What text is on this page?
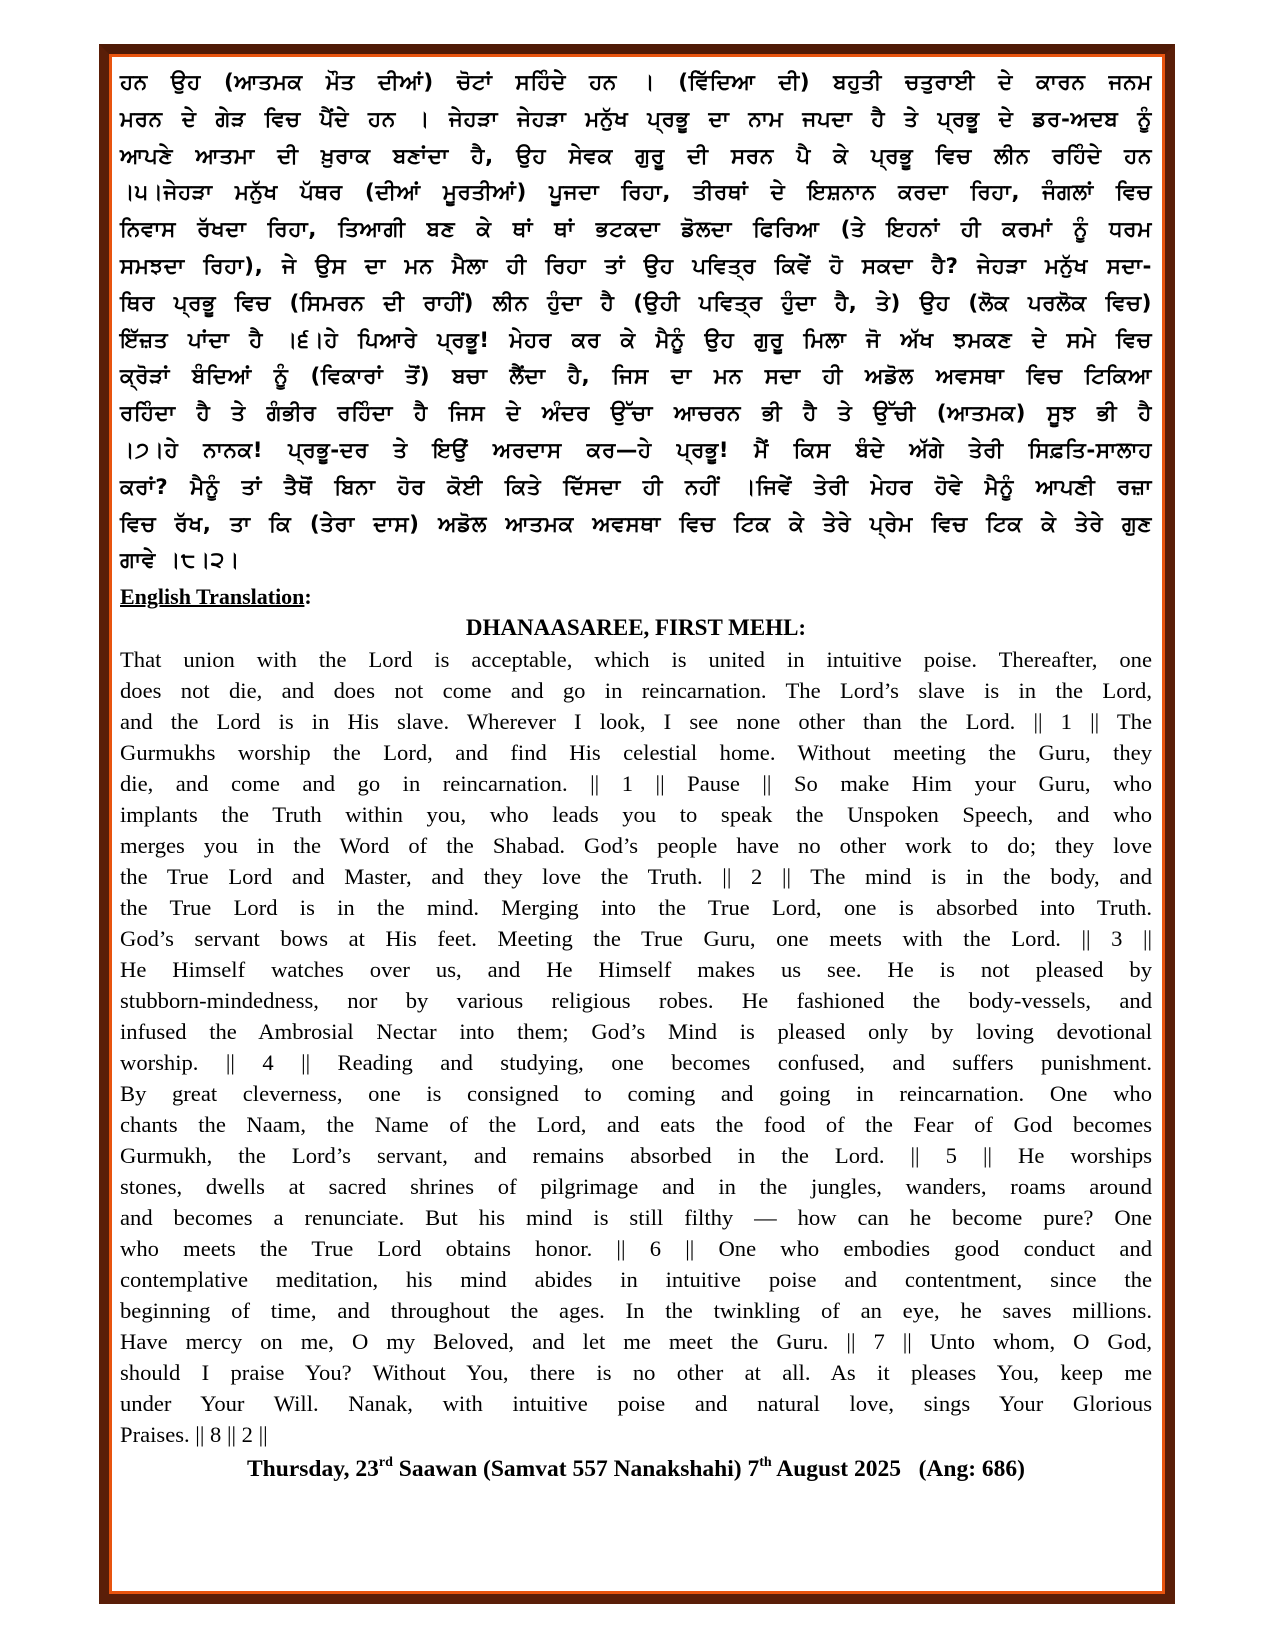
ਹਨ ਉਹ (ਆਤਮਕ ਮੌਤ ਦੀਆਂ) ਚੋਟਾਂ ਸਹਿੰਦੇ ਹਨ । (ਵਿੱਦਿਆ ਦੀ) ਬਹੁਤੀ ਚਤੁਰਾਈ ਦੇ ਕਾਰਨ ਜਨਮ
ਮਰਨ ਦੇ ਗੇੜ ਵਿਚ ਪੈਂਦੇ ਹਨ । ਜੇਹੜਾ ਜੇਹੜਾ ਮਨੁੱਖ ਪ੍ਰਭੂ ਦਾ ਨਾਮ ਜਪਦਾ ਹੈ ਤੇ ਪ੍ਰਭੂ ਦੇ ਡਰ-ਅਦਬ ਨੂੰ
ਆਪਣੇ ਆਤਮਾ ਦੀ ਖ਼ੁਰਾਕ ਬਣਾਂਦਾ ਹੈ, ਉਹ ਸੇਵਕ ਗੁਰੂ ਦੀ ਸਰਨ ਪੈ ਕੇ ਪ੍ਰਭੂ ਵਿਚ ਲੀਨ ਰਹਿੰਦੇ ਹਨ
।੫।ਜੇਹੜਾ ਮਨੁੱਖ ਪੱਥਰ (ਦੀਆਂ ਮੂਰਤੀਆਂ) ਪੂਜਦਾ ਰਿਹਾ, ਤੀਰਥਾਂ ਦੇ ਇਸ਼ਨਾਨ ਕਰਦਾ ਰਿਹਾ, ਜੰਗਲਾਂ ਵਿਚ
ਨਿਵਾਸ ਰੱਖਦਾ ਰਿਹਾ, ਤਿਆਗੀ ਬਣ ਕੇ ਥਾਂ ਥਾਂ ਭਟਕਦਾ ਡੋਲਦਾ ਫਿਰਿਆ (ਤੇ ਇਹਨਾਂ ਹੀ ਕਰਮਾਂ ਨੂੰ ਧਰਮ
ਸਮਝਦਾ ਰਿਹਾ), ਜੇ ਉਸ ਦਾ ਮਨ ਮੈਲਾ ਹੀ ਰਿਹਾ ਤਾਂ ਉਹ ਪਵਿਤ੍ਰ ਕਿਵੇਂ ਹੋ ਸਕਦਾ ਹੈ? ਜੇਹੜਾ ਮਨੁੱਖ ਸਦਾ-
ਥਿਰ ਪ੍ਰਭੂ ਵਿਚ (ਸਿਮਰਨ ਦੀ ਰਾਹੀਂ) ਲੀਨ ਹੁੰਦਾ ਹੈ (ਉਹੀ ਪਵਿਤ੍ਰ ਹੁੰਦਾ ਹੈ, ਤੇ) ਉਹ (ਲੋਕ ਪਰਲੋਕ ਵਿਚ)
ਇੱਜ਼ਤ ਪਾਂਦਾ ਹੈ ।੬।ਹੇ ਪਿਆਰੇ ਪ੍ਰਭੂ! ਮੇਹਰ ਕਰ ਕੇ ਮੈਨੂੰ ਉਹ ਗੁਰੂ ਮਿਲਾ ਜੋ ਅੱਖ ਝਮਕਣ ਦੇ ਸਮੇ ਵਿਚ
ਕ੍ਰੋੜਾਂ ਬੰਦਿਆਂ ਨੂੰ (ਵਿਕਾਰਾਂ ਤੋਂ) ਬਚਾ ਲੈਂਦਾ ਹੈ, ਜਿਸ ਦਾ ਮਨ ਸਦਾ ਹੀ ਅਡੋਲ ਅਵਸਥਾ ਵਿਚ ਟਿਕਿਆ
ਰਹਿੰਦਾ ਹੈ ਤੇ ਗੰਭੀਰ ਰਹਿੰਦਾ ਹੈ ਜਿਸ ਦੇ ਅੰਦਰ ਉੱਚਾ ਆਚਰਨ ਭੀ ਹੈ ਤੇ ਉੱਚੀ (ਆਤਮਕ) ਸੂਝ ਭੀ ਹੈ
।੭।ਹੇ ਨਾਨਕ! ਪ੍ਰਭੂ-ਦਰ ਤੇ ਇਉਂ ਅਰਦਾਸ ਕਰ—ਹੇ ਪ੍ਰਭੂ! ਮੈਂ ਕਿਸ ਬੰਦੇ ਅੱਗੇ ਤੇਰੀ ਸਿਫ਼ਤਿ-ਸਾਲਾਹ
ਕਰਾਂ? ਮੈਨੂੰ ਤਾਂ ਤੈਥੋਂ ਬਿਨਾ ਹੋਰ ਕੋਈ ਕਿਤੇ ਦਿੱਸਦਾ ਹੀ ਨਹੀਂ ।ਜਿਵੇਂ ਤੇਰੀ ਮੇਹਰ ਹੋਵੇ ਮੈਨੂੰ ਆਪਣੀ ਰਜ਼ਾ
ਵਿਚ ਰੱਖ, ਤਾ ਕਿ (ਤੇਰਾ ਦਾਸ) ਅਡੋਲ ਆਤਮਕ ਅਵਸਥਾ ਵਿਚ ਟਿਕ ਕੇ ਤੇਰੇ ਪ੍ਰੇਮ ਵਿਚ ਟਿਕ ਕੇ ਤੇਰੇ ਗੁਣ
ਗਾਵੇ ।੮।੨।
English Translation:
DHANAASAREE, FIRST MEHL:
That union with the Lord is acceptable, which is united in intuitive poise. Thereafter, one
does not die, and does not come and go in reincarnation. The Lord’s slave is in the Lord,
and the Lord is in His slave. Wherever I look, I see none other than the Lord. || 1 || The
Gurmukhs worship the Lord, and find His celestial home. Without meeting the Guru, they
die, and come and go in reincarnation. || 1 || Pause || So make Him your Guru, who
implants the Truth within you, who leads you to speak the Unspoken Speech, and who
merges you in the Word of the Shabad. God’s people have no other work to do; they love
the True Lord and Master, and they love the Truth. || 2 || The mind is in the body, and
the True Lord is in the mind. Merging into the True Lord, one is absorbed into Truth.
God’s servant bows at His feet. Meeting the True Guru, one meets with the Lord. || 3 ||
He Himself watches over us, and He Himself makes us see. He is not pleased by
stubborn-mindedness, nor by various religious robes. He fashioned the body-vessels, and
infused the Ambrosial Nectar into them; God’s Mind is pleased only by loving devotional
worship. || 4 || Reading and studying, one becomes confused, and suffers punishment.
By great cleverness, one is consigned to coming and going in reincarnation. One who
chants the Naam, the Name of the Lord, and eats the food of the Fear of God becomes
Gurmukh, the Lord’s servant, and remains absorbed in the Lord. || 5 || He worships
stones, dwells at sacred shrines of pilgrimage and in the jungles, wanders, roams around
and becomes a renunciate. But his mind is still filthy — how can he become pure? One
who meets the True Lord obtains honor. || 6 || One who embodies good conduct and
contemplative meditation, his mind abides in intuitive poise and contentment, since the
beginning of time, and throughout the ages. In the twinkling of an eye, he saves millions.
Have mercy on me, O my Beloved, and let me meet the Guru. || 7 || Unto whom, O God,
should I praise You? Without You, there is no other at all. As it pleases You, keep me
under Your Will. Nanak, with intuitive poise and natural love, sings Your Glorious
Praises. || 8 || 2 ||
Thursday, 23rd Saawan (Samvat 557 Nanakshahi) 7th August 2025 (Ang: 686)
